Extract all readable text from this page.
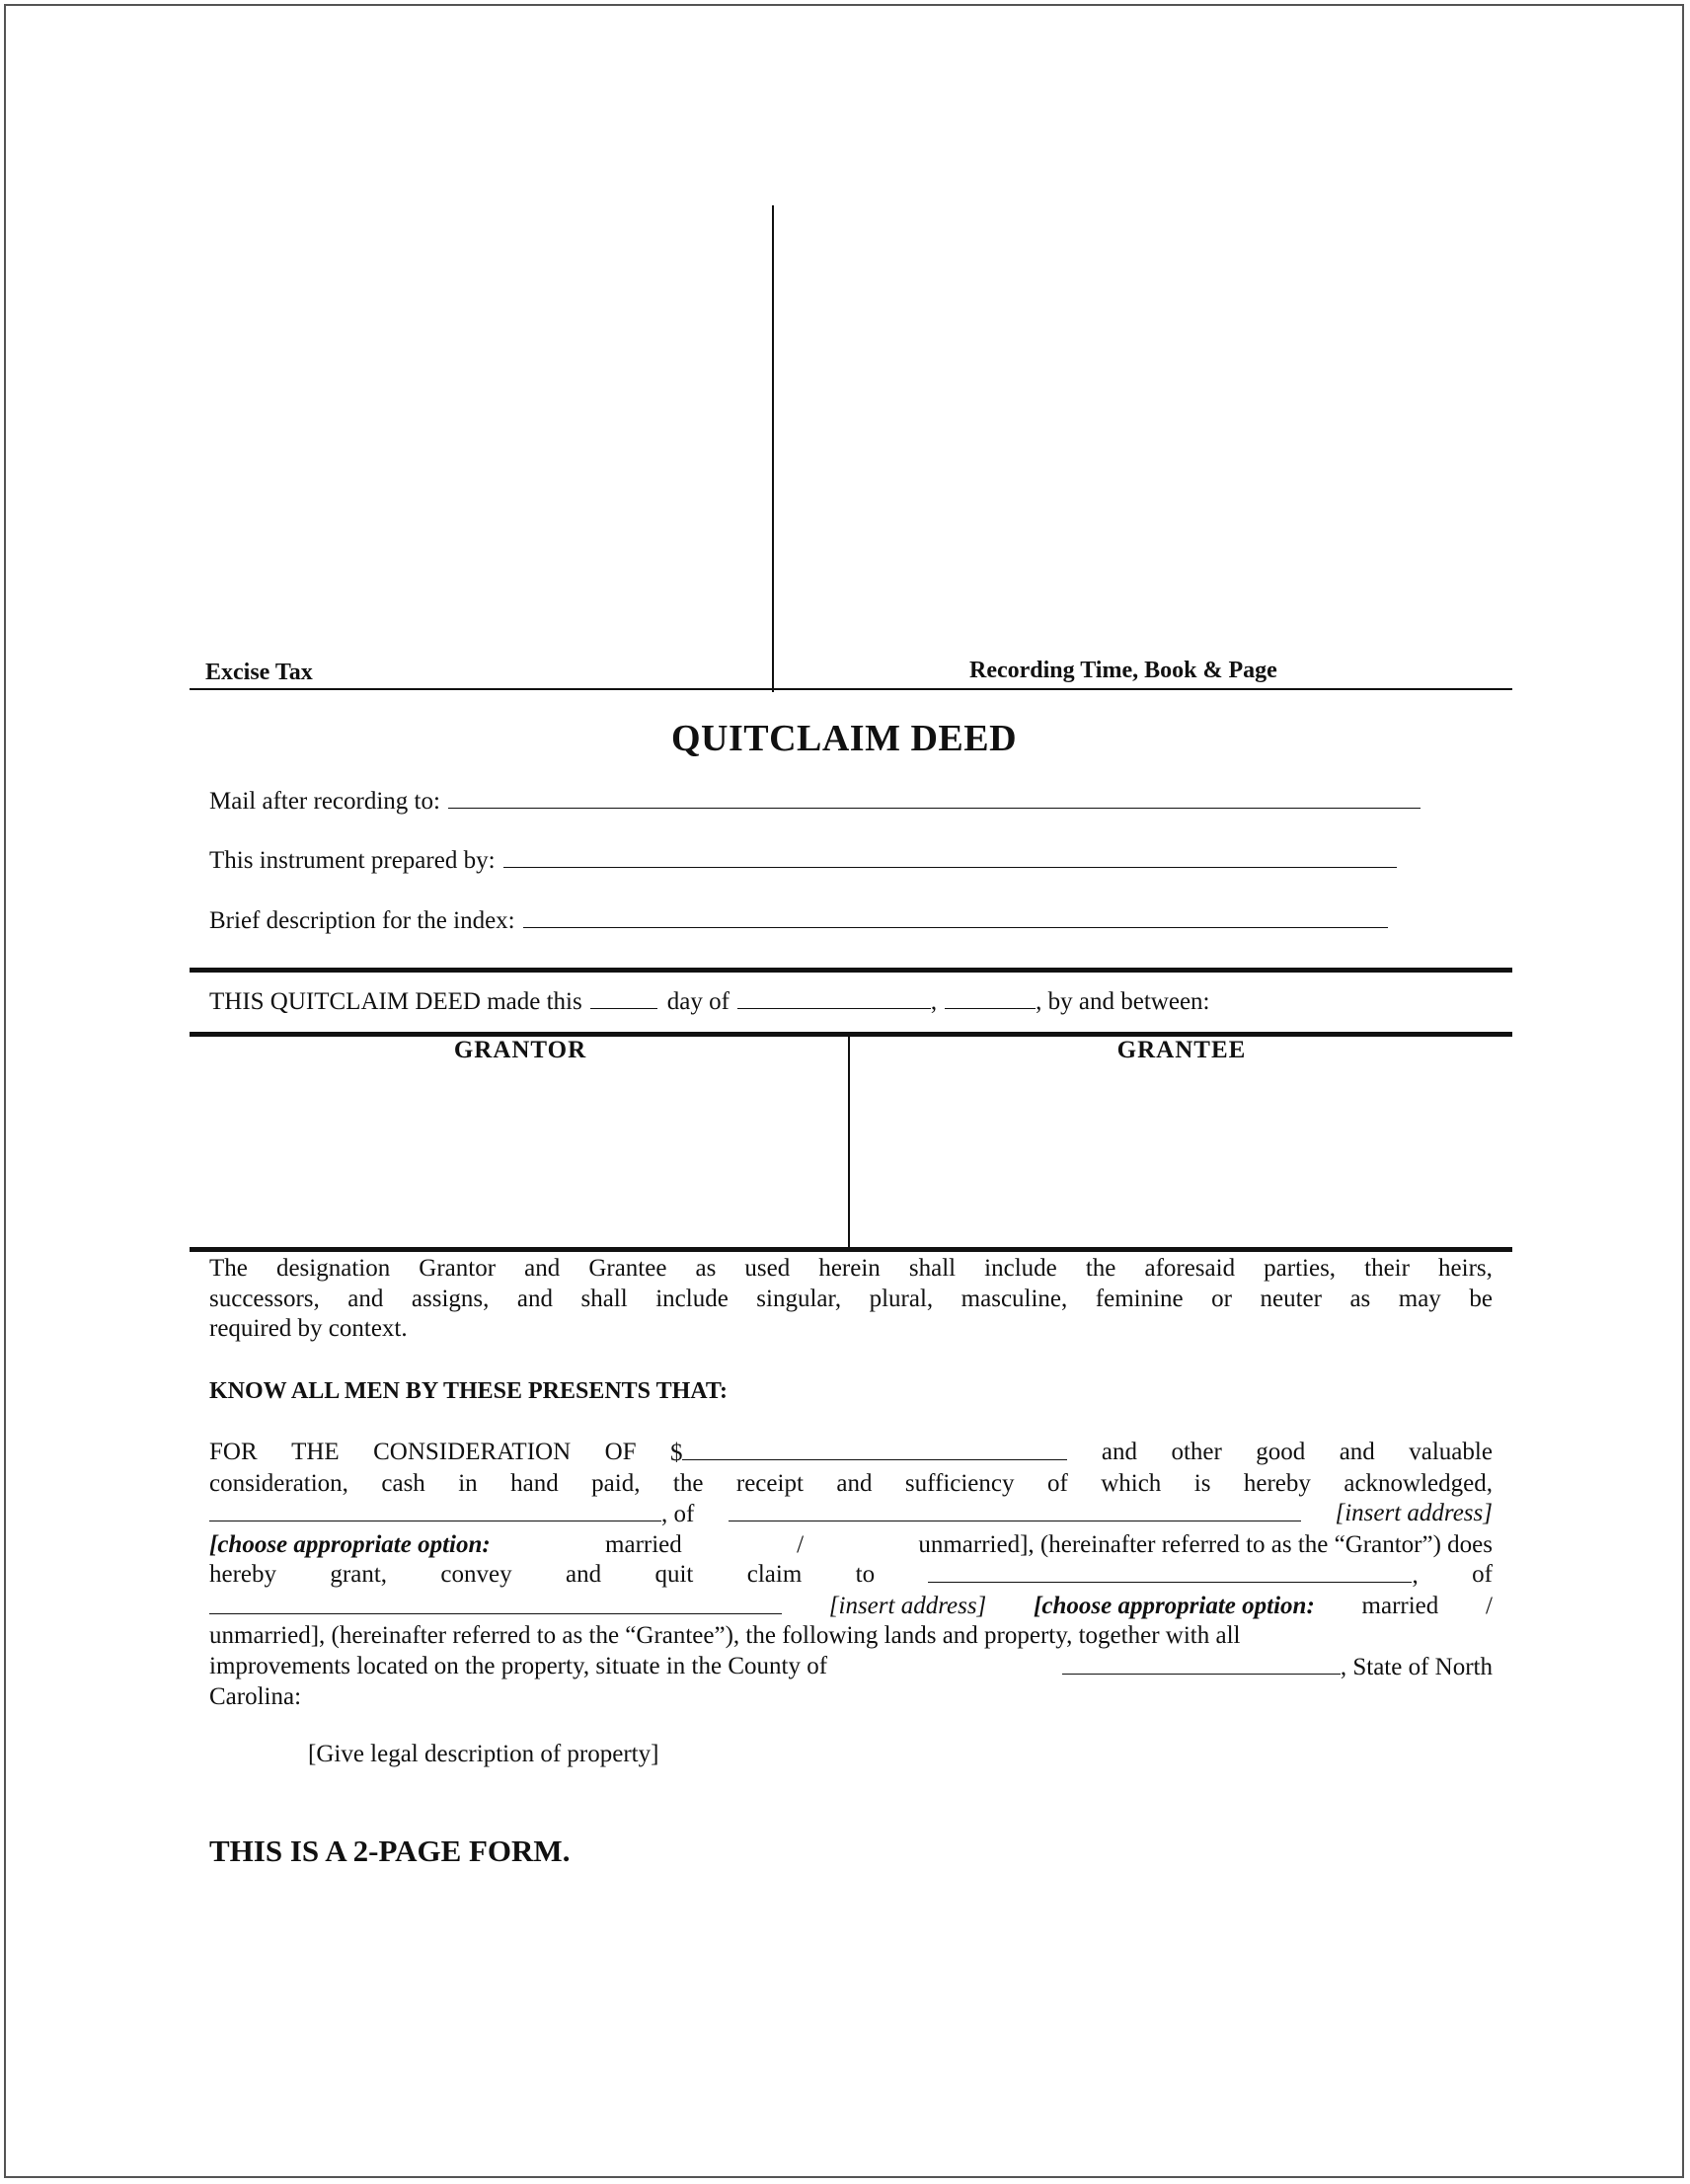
Excise Tax	Recording Time, Book & Page
QUITCLAIM DEED
Mail after recording to:
This instrument prepared by:
Brief description for the index:
THIS QUITCLAIM DEED made this	day of	,	, by and between:
GRANTOR	GRANTEE
The designation Grantor and Grantee as used herein shall include the aforesaid parties, their heirs,
successors, and assigns, and shall include singular, plural, masculine, feminine or neuter as may be
required by context.
KNOW ALL MEN BY THESE PRESENTS THAT:
FOR THE CONSIDERATION OF $	and other good and valuable
consideration, cash in hand paid, the receipt and sufficiency of which is hereby acknowledged,
, of	[insert address]
[choose appropriate option:	married	/	unmarried], (hereinafter referred to as the “Grantor”) does
hereby grant, convey and quit claim to	, of
[insert address] [choose appropriate option: married /
unmarried], (hereinafter referred to as the “Grantee”), the following lands and property, together with all
improvements located on the property, situate in the County of	, State of North
Carolina:
[Give legal description of property]
THIS IS A 2-PAGE FORM.
